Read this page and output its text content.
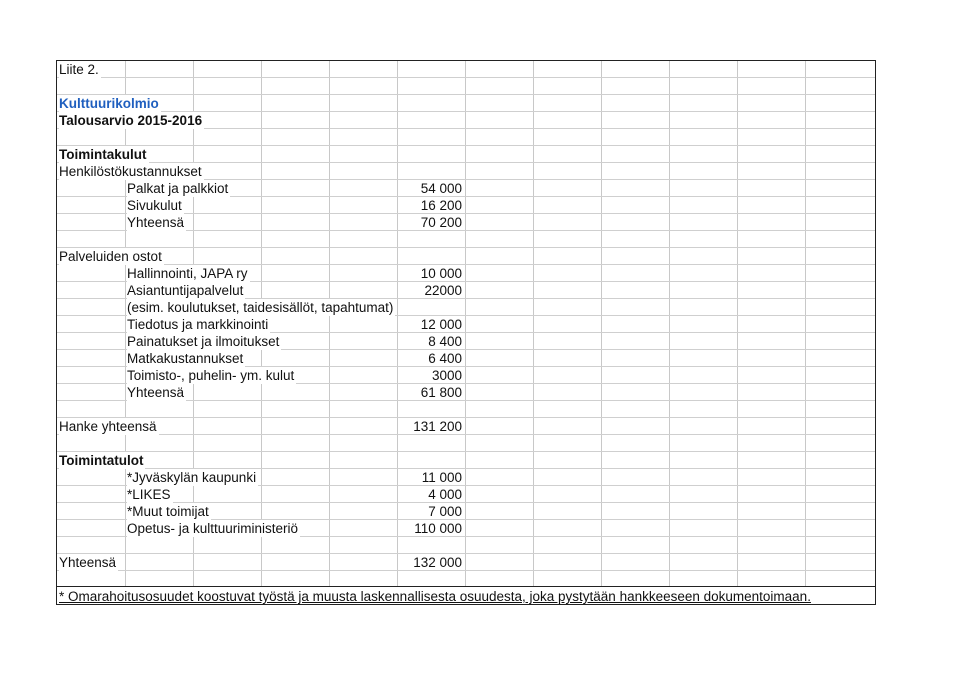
Liite 2.
Kulttuurikolmio
Talousarvio 2015-2016
Toimintakulut
Henkilöstökustannukset
Palkat ja palkkiot	54 000
Sivukulut	16 200
Yhteensä	70 200
Palveluiden ostot
Hallinnointi, JAPA ry	10 000
Asiantuntijapalvelut	22000
(esim. koulutukset, taidesisällöt, tapahtumat)
Tiedotus ja markkinointi	12 000
Painatukset ja ilmoitukset	8 400
Matkakustannukset	6 400
Toimisto-, puhelin- ym. kulut	3000
Yhteensä	61 800
Hanke yhteensä	131 200
Toimintatulot
*Jyväskylän kaupunki	11 000
*LIKES	4 000
*Muut toimijat	7 000
Opetus- ja kulttuuriministeriö	110 000
Yhteensä	132 000
* Omarahoitusosuudet koostuvat työstä ja muusta laskennallisesta osuudesta, joka pystytään hankkeeseen dokumentoimaan.
